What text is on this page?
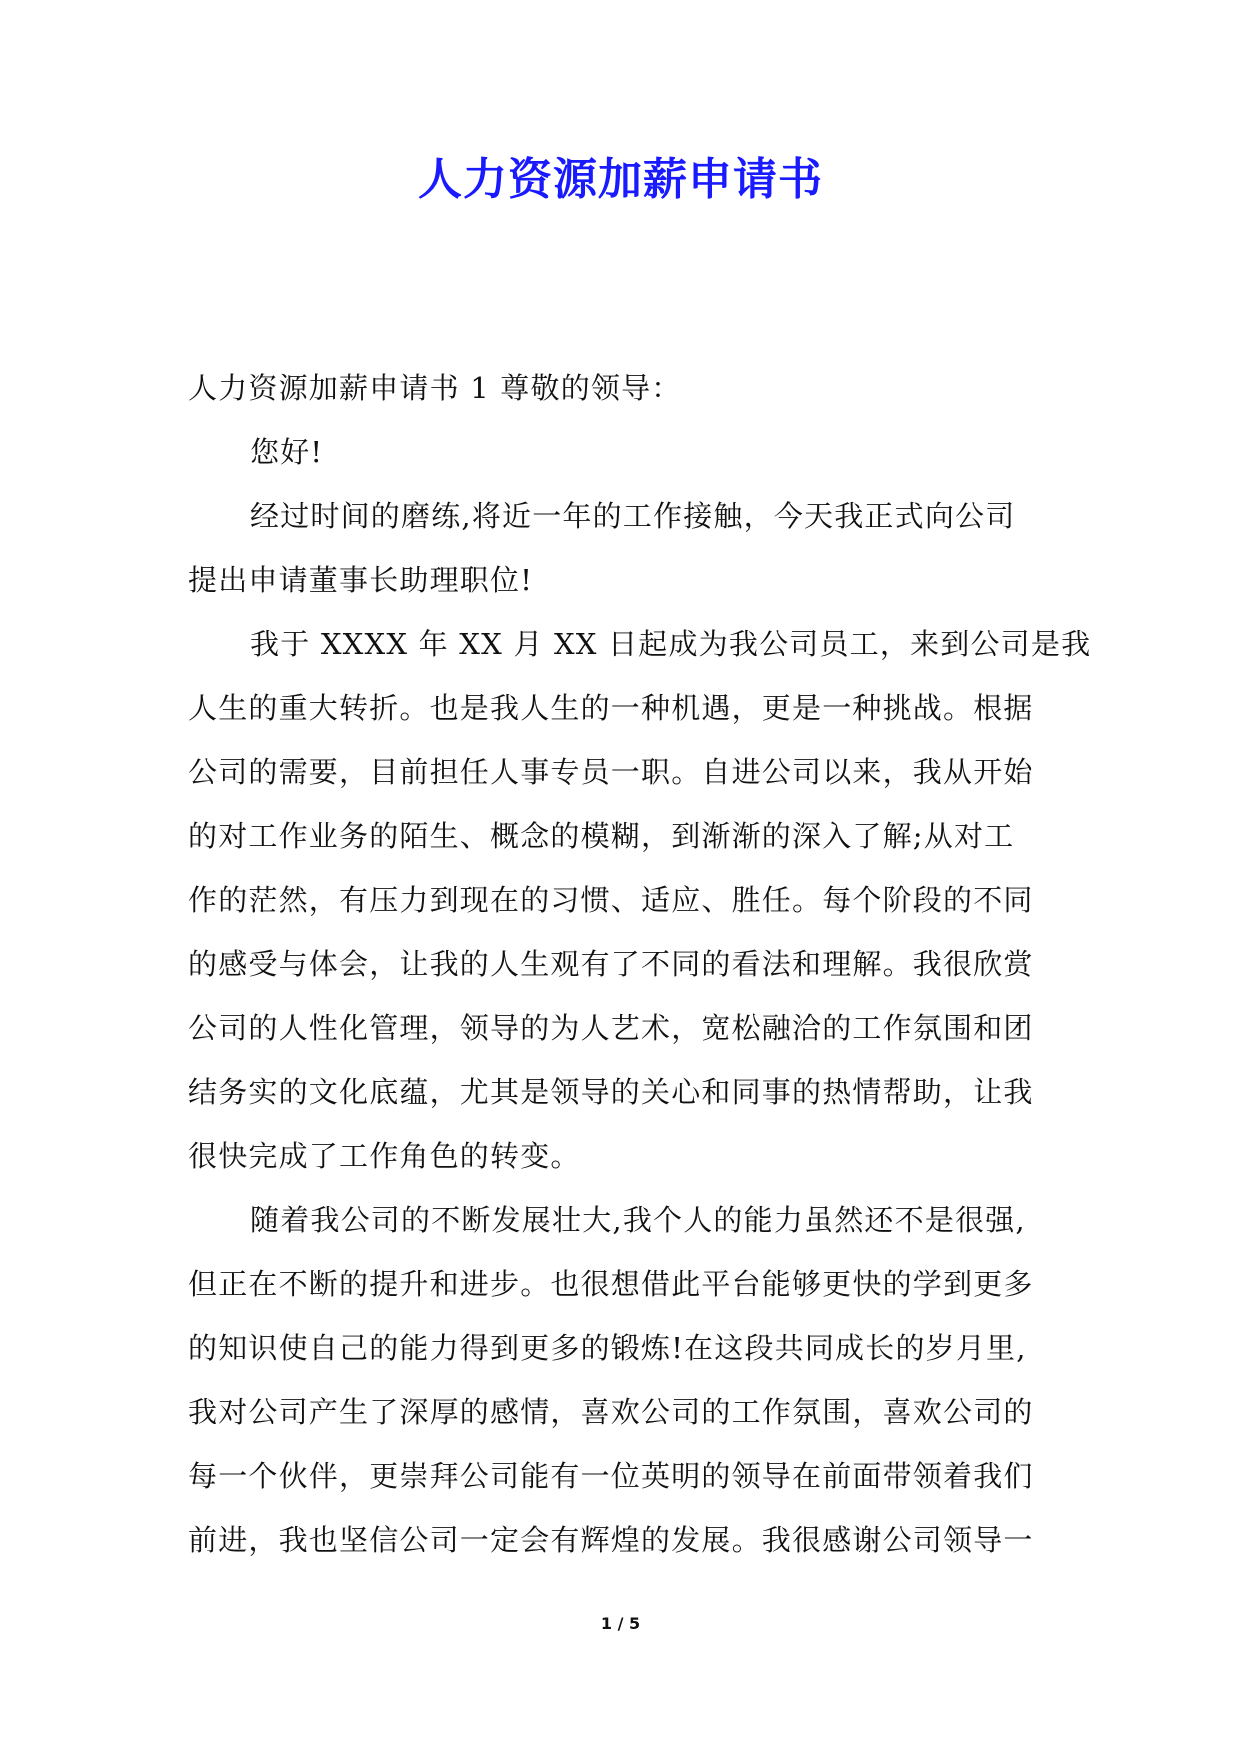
人力资源加薪申请书
人力资源加薪申请书 1 尊敬的领导：
您好!
经过时间的磨练,将近一年的工作接触，今天我正式向公司
提出申请董事长助理职位!
我于 XXXX 年 XX 月 XX 日起成为我公司员工，来到公司是我
人生的重大转折。也是我人生的一种机遇，更是一种挑战。根据
公司的需要，目前担任人事专员一职。自进公司以来，我从开始
的对工作业务的陌生、概念的模糊，到渐渐的深入了解;从对工
作的茫然，有压力到现在的习惯、适应、胜任。每个阶段的不同
的感受与体会，让我的人生观有了不同的看法和理解。我很欣赏
公司的人性化管理，领导的为人艺术，宽松融洽的工作氛围和团
结务实的文化底蕴，尤其是领导的关心和同事的热情帮助，让我
很快完成了工作角色的转变。
随着我公司的不断发展壮大,我个人的能力虽然还不是很强,
但正在不断的提升和进步。也很想借此平台能够更快的学到更多
的知识使自己的能力得到更多的锻炼!在这段共同成长的岁月里,
我对公司产生了深厚的感情，喜欢公司的工作氛围，喜欢公司的
每一个伙伴，更崇拜公司能有一位英明的领导在前面带领着我们
前进，我也坚信公司一定会有辉煌的发展。我很感谢公司领导一
1 / 5
